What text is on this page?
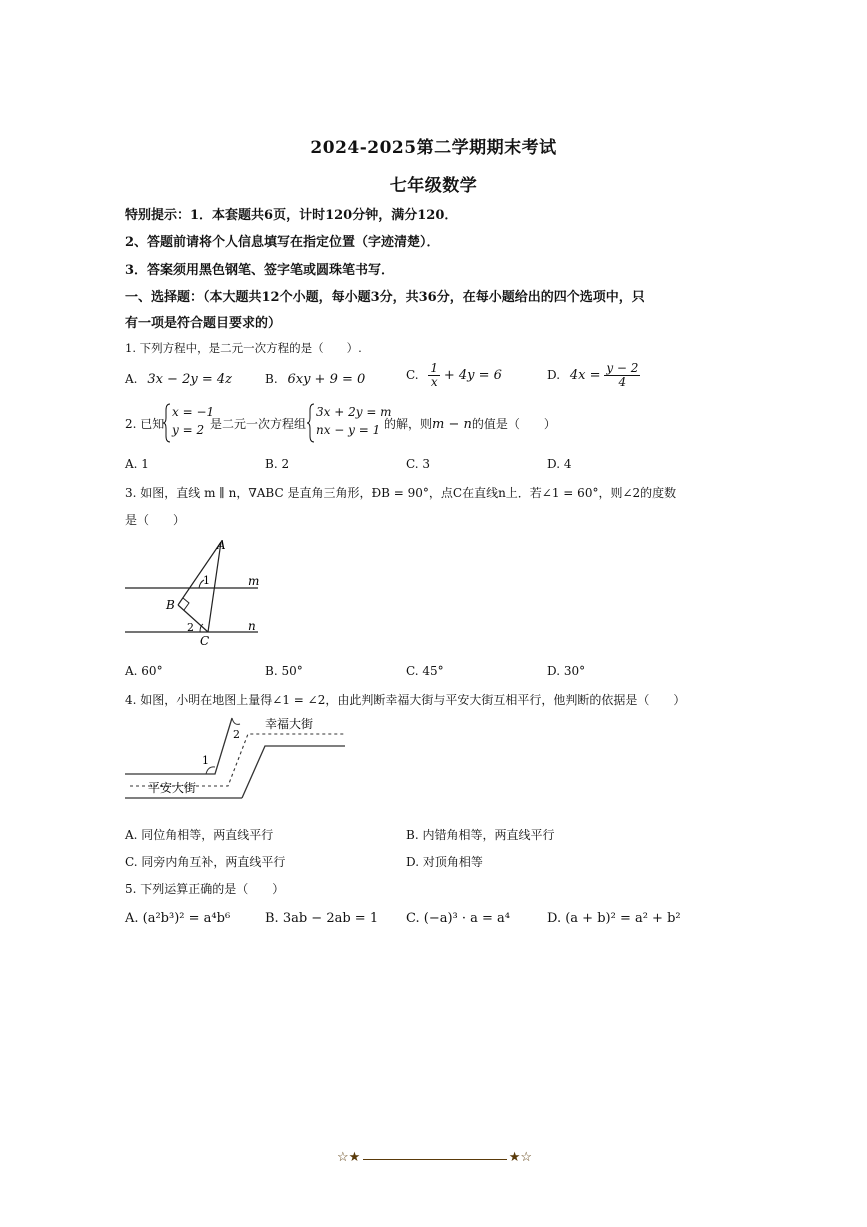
2024-2025第二学期期末考试
七年级数学
特别提示：1．本套题共6页，计时120分钟，满分120．
2、答题前请将个人信息填写在指定位置（字迹清楚）．
3．答案须用黑色钢笔、签字笔或圆珠笔书写．
一、选择题：（本大题共12个小题，每小题3分，共36分，在每小题给出的四个选项中，只
有一项是符合题目要求的）
1. 下列方程中，是二元一次方程的是（　　）.
A. 3x − 2y = 4z	B. 6xy + 9 = 0	C. $\frac{1}{x} + 4y = 6$	D. $4x = \frac{y - 2}{4}$
2. 已知
x = −1
y = 2 是二元一次方程组
3x + 2y = m
nx − y = 1 的解，则m − n的值是（　　）
A. 1	B. 2	C. 3	D. 4
3. 如图，直线 m ∥ n，∇ABC 是直角三角形，ÐB = 90°，点C在直线n上．若∠1 = 60°，则∠2的度数
是（　　）
A
B
C
m
n
1
2
A. 60°	B. 50°	C. 45°	D. 30°
4. 如图，小明在地图上量得∠1 = ∠2，由此判断幸福大街与平安大街互相平行，他判断的依据是（　　）
1
2
幸福大街
平安大街
A. 同位角相等，两直线平行	B. 内错角相等，两直线平行
C. 同旁内角互补，两直线平行	D. 对顶角相等
5. 下列运算正确的是（　　）
A. (a²b³)² = a⁴b⁶	B. 3ab − 2ab = 1 C. (−a)³ · a = a⁴	D. (a + b)² = a² + b²
☆★	★☆
